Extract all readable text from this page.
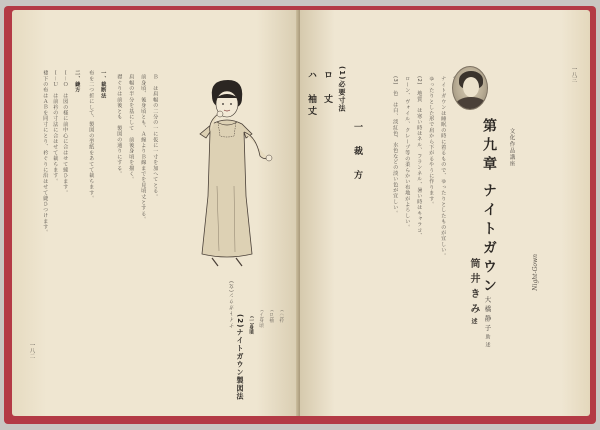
一八二
褄下の布はＡＢを同寸にとり、衿ぐりに沿はせて縫ひつけます。 Ｉ－Ｕ　は前衿の寸法に合はせて裁ちます。 Ｉ－Ｏ　は図の様に前中心に合はせて縫ひます。 二、縫方 布を二つ折にして、製図の型紙をあてて裁ちます。 一、裁断法 襟ぐりは前後とも　製図の通りにする。 肩幅の半分を基にして　前後身頃を描く。 前身頃、後身頃とも、Ａ線よりＢ線までを見頃丈とする。 Ｂ　は肩幅の二分の一に仮に一寸を加へてとる。
ナイトガウン(女) (2)ナイトガウン製図法
(一)身頃 (イ)身頃 (ロ)袖 (ハ)衿
ハ　袖丈 ロ　丈 (1)必要寸法
一　裁　方	(3)　色　は白、淡紅色、水色などの淡い色が宜しい。 ローン、ヴォイル、クレープ等の柔らかい布地がよろしい。 (2)　地質　は寒い時はネル、フランネル、暑い時はキャラコ、 ゆったりとした形で肩から下がるやうに作ります。 ナイトガウンは睡眠の時に着るもので、ゆったりとしたものが宜しい。
筒井きみ述 大橋静子助述
第九章ナイトガウン
文化作品講座
Night-Gown
一八三
